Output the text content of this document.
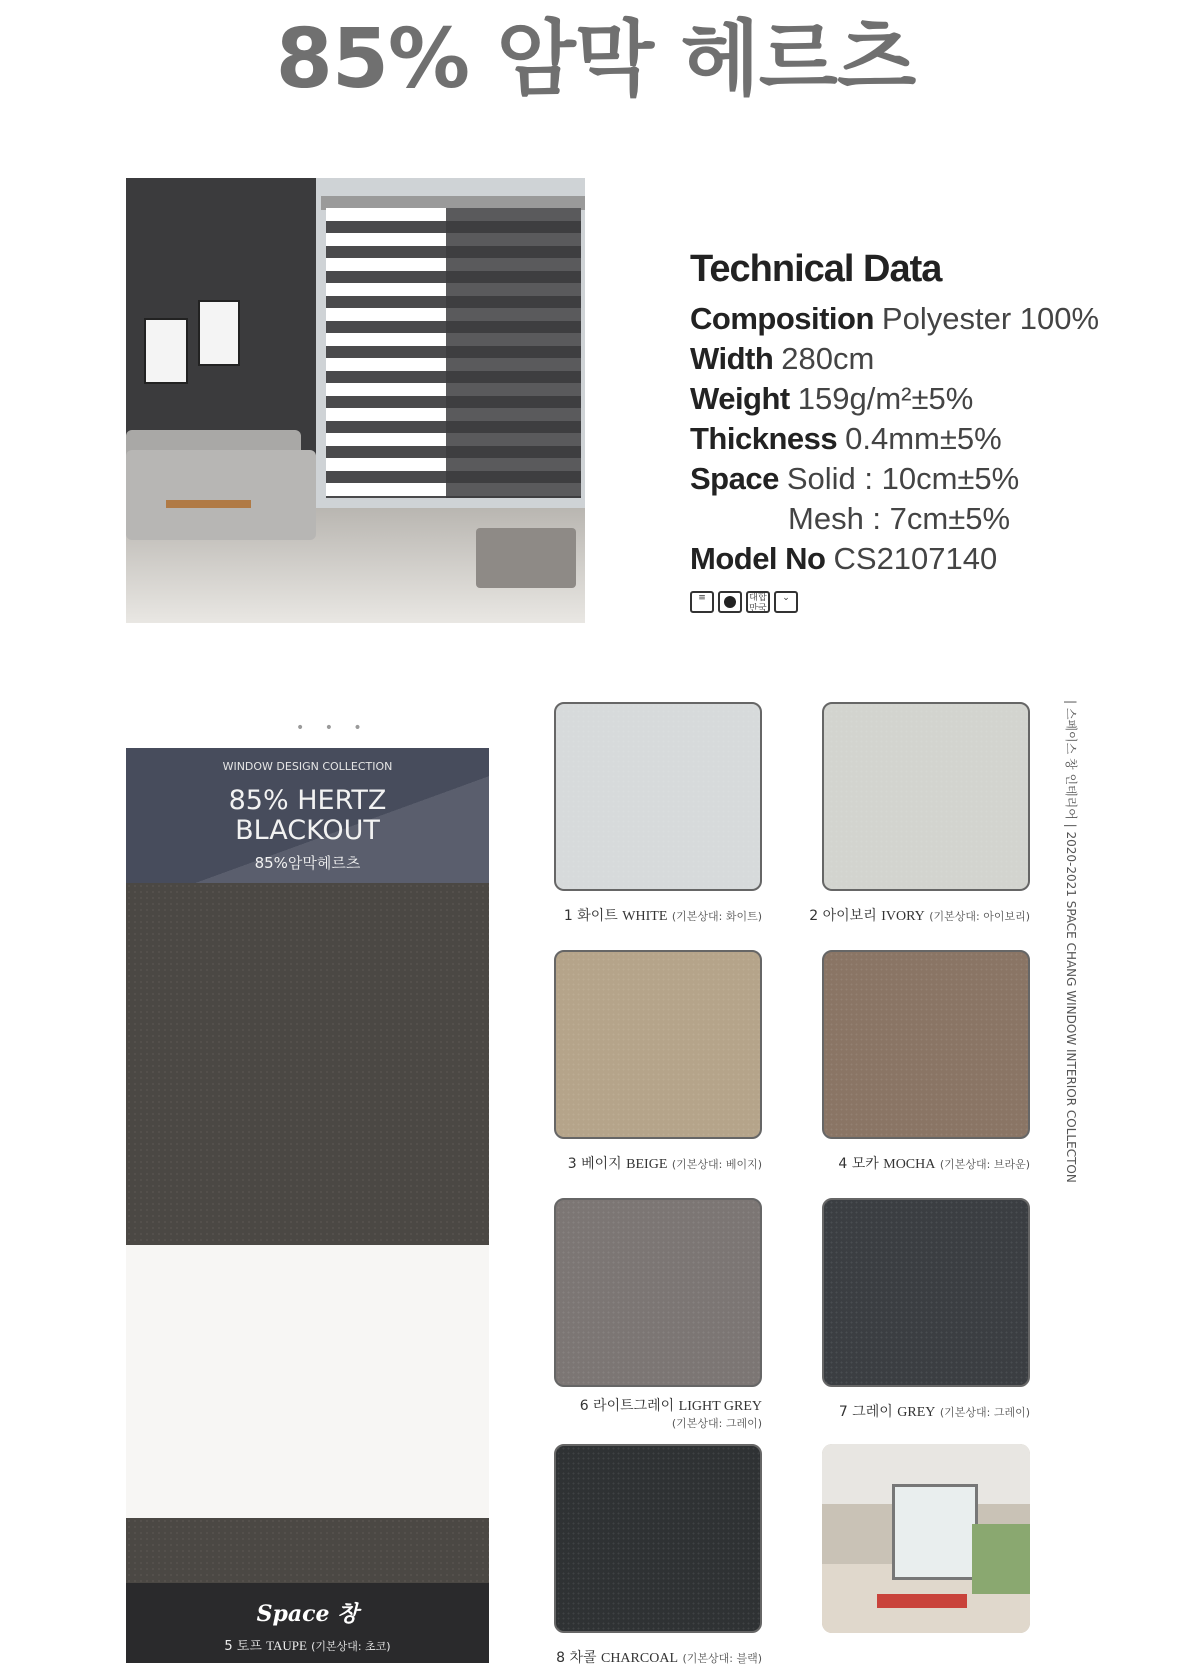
85% 암막 헤르츠
Technical Data
Composition Polyester 100%
Width 280cm
Weight 159g/m²±5%
Thickness 0.4mm±5%
Space Solid : 10cm±5%
Mesh : 7cm±5%
Model No CS2107140
≡	대합만국
⌄
• • •
WINDOW DESIGN COLLECTION
85% HERTZ
BLACKOUT
85%암막헤르츠
Space 창
5 토프 TAUPE (기본상대: 초코)
1 화이트 WHITE (기본상대: 화이트)	2 아이보리 IVORY (기본상대: 아이보리)
3 베이지 BEIGE (기본상대: 베이지)	4 모카 MOCHA (기본상대: 브라운)
6 라이트그레이 LIGHT GREY
(기본상대: 그레이)
7 그레이 GREY (기본상대: 그레이)
8 차콜 CHARCOAL (기본상대: 블랙)
| 스페이스 창 인테리어 | 2020-2021 SPACE CHANG WINDOW INTERIOR COLLECTON
